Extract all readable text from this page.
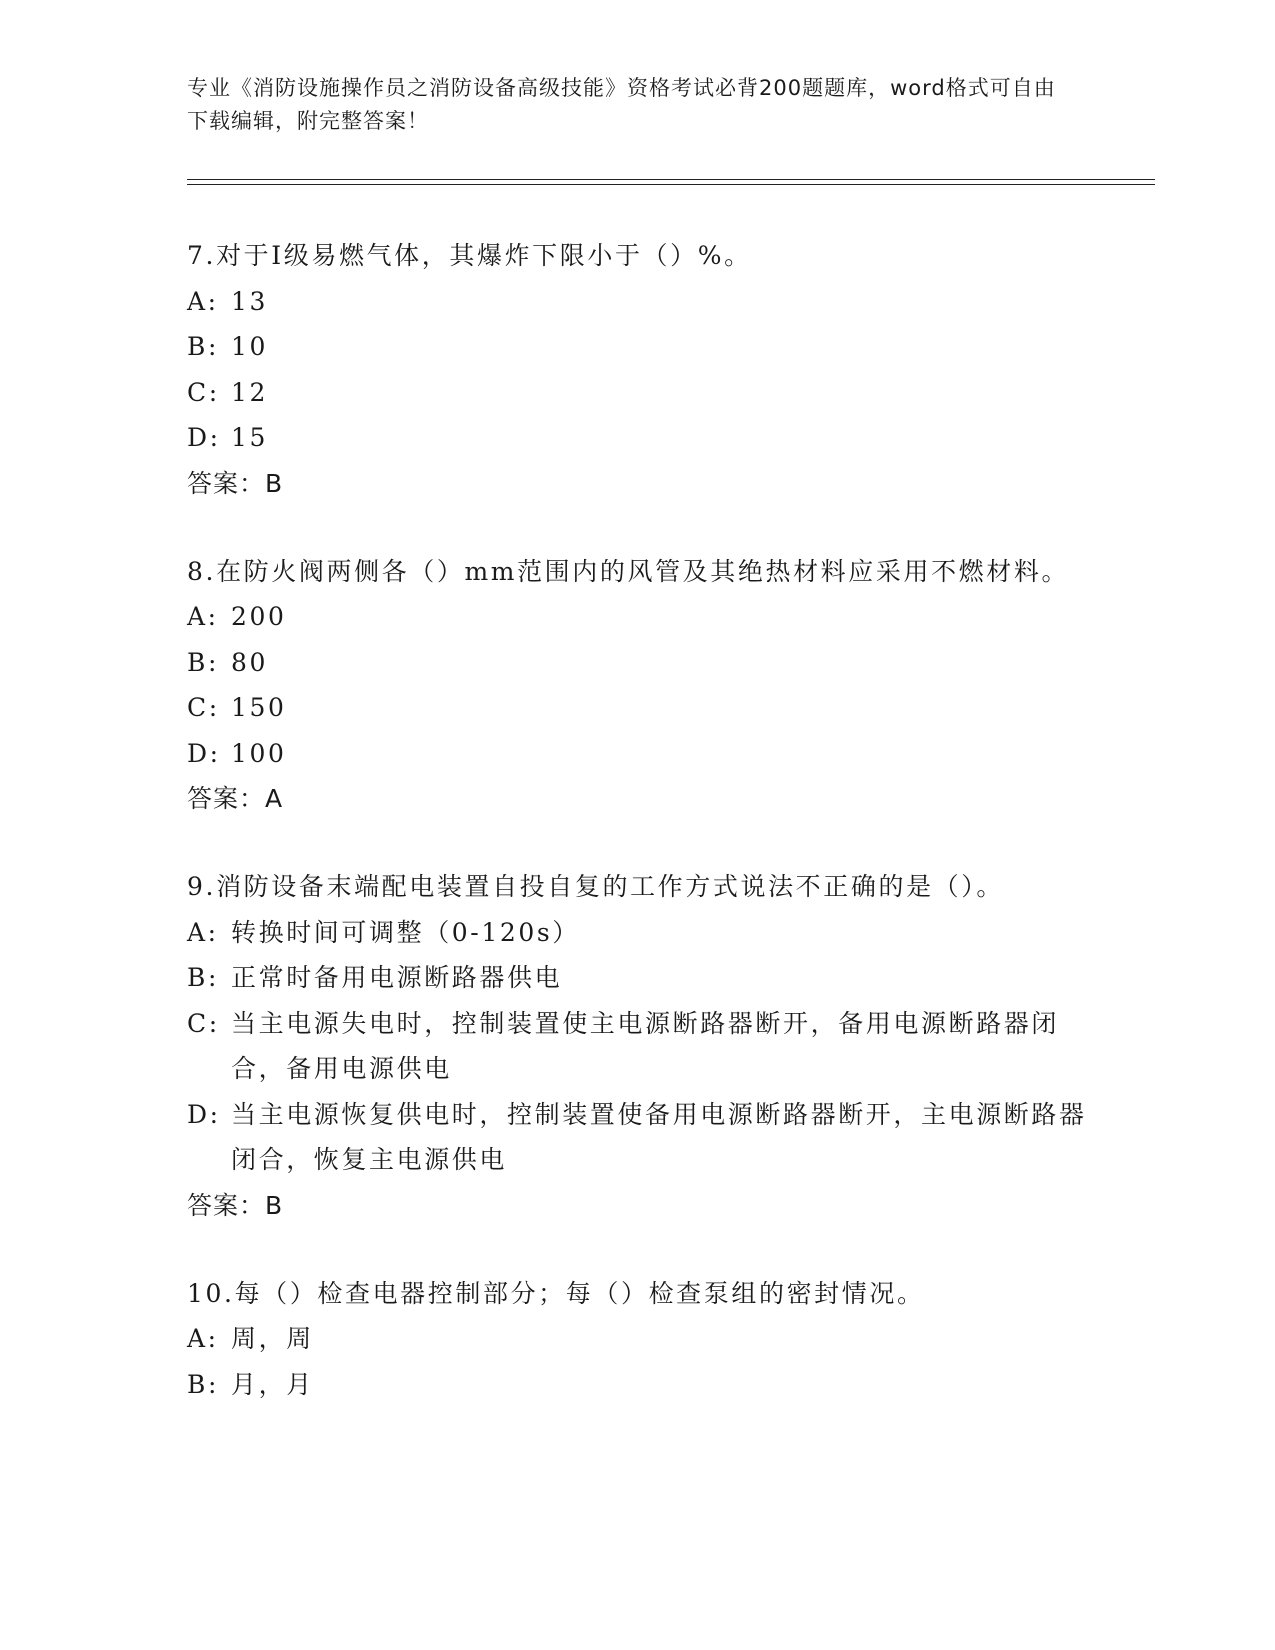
专业《消防设施操作员之消防设备高级技能》资格考试必背200题题库，word格式可自由下载编辑，附完整答案！

7. 对于Ⅰ级易燃气体，其爆炸下限小于（）%。

A: 13

B: 10

C: 12

D: 15

答案：B

8. 在防火阀两侧各（）mm范围内的风管及其绝热材料应采用不燃材料。

A: 200

B: 80

C: 150

D: 100

答案：A

9. 消防设备末端配电装置自投自复的工作方式说法不正确的是（）。

A: 转换时间可调整（0-120s）

B: 正常时备用电源断路器供电

C: 当主电源失电时，控制装置使主电源断路器断开，备用电源断路器闭合，备用电源供电

D: 当主电源恢复供电时，控制装置使备用电源断路器断开，主电源断路器闭合，恢复主电源供电

答案：B

10. 每（）检查电器控制部分；每（）检查泵组的密封情况。

A: 周，周

B: 月，月
